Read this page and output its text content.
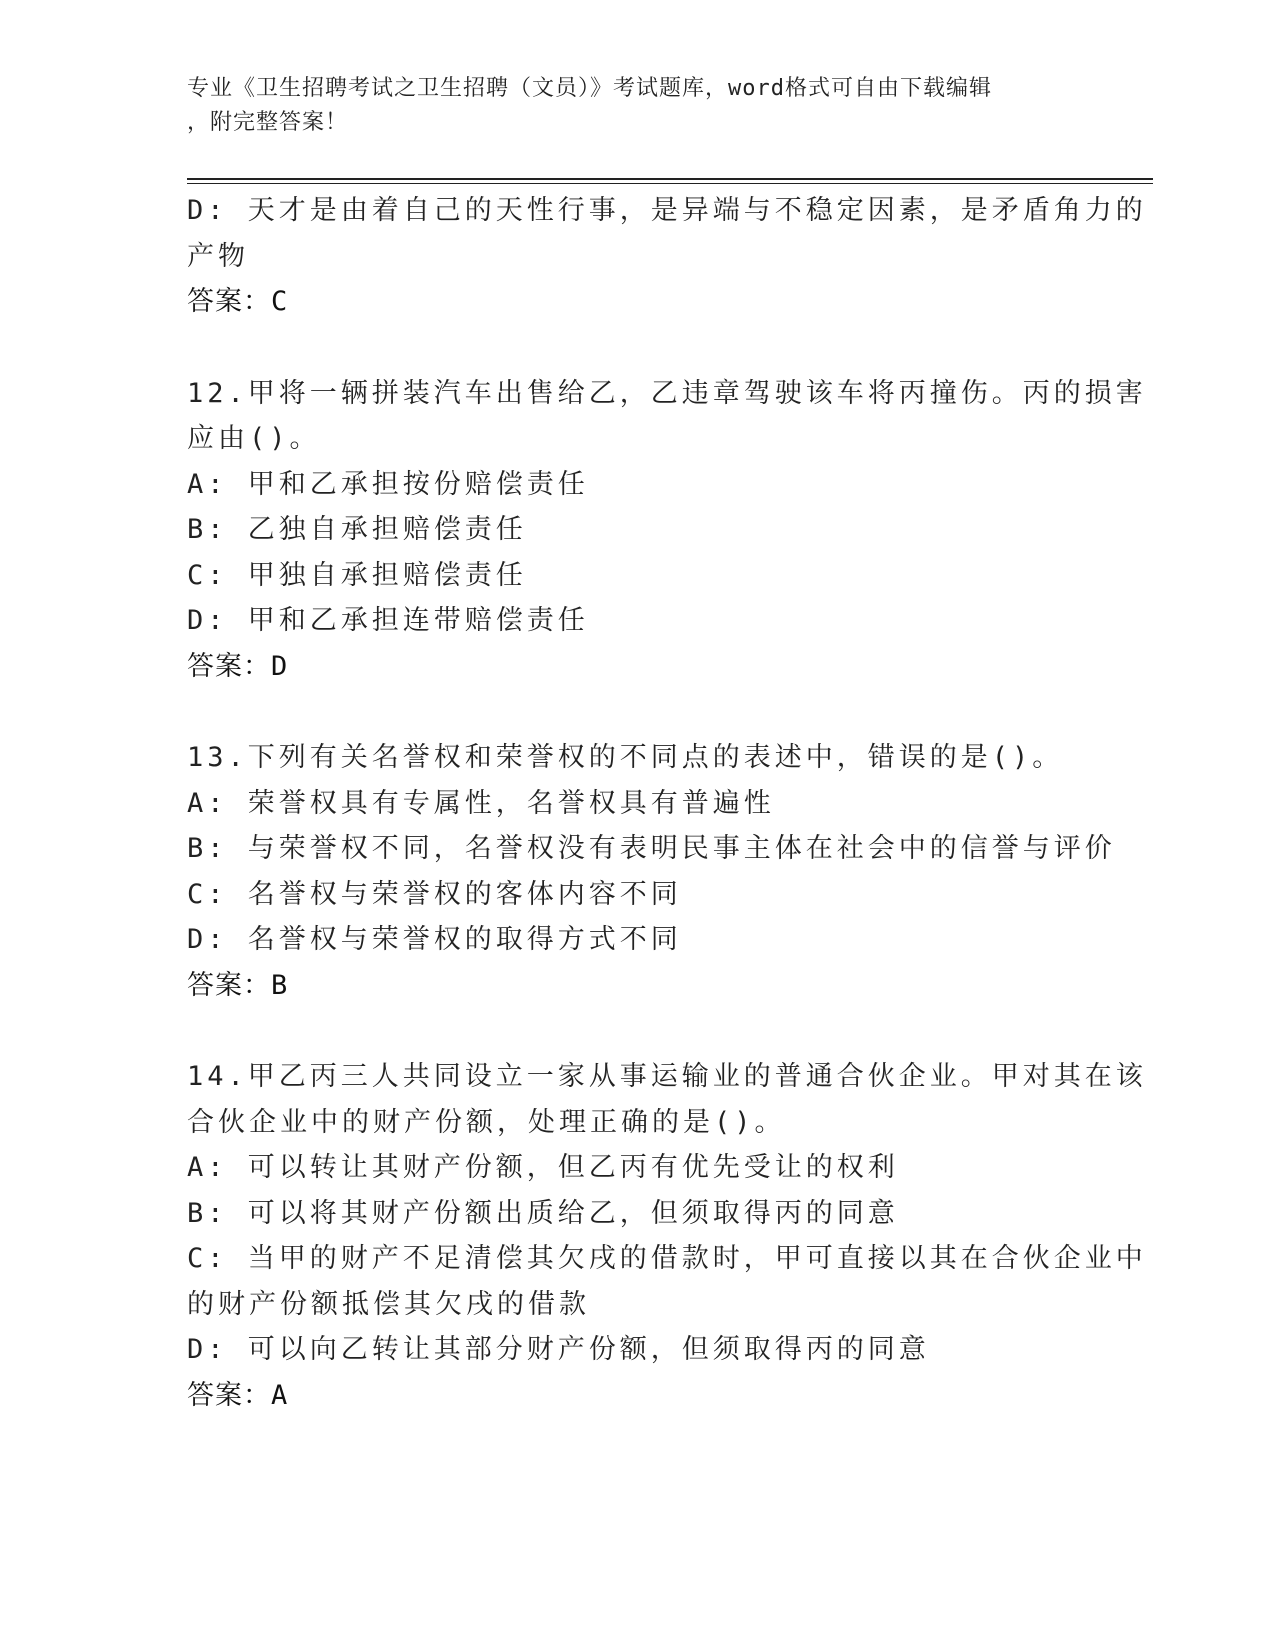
专业《卫生招聘考试之卫生招聘（文员）》考试题库，word格式可自由下载编辑
，附完整答案！
D: 天才是由着自己的天性行事，是异端与不稳定因素，是矛盾角力的
产物
答案：C
12.甲将一辆拼装汽车出售给乙，乙违章驾驶该车将丙撞伤。丙的损害
应由()。
A: 甲和乙承担按份赔偿责任
B: 乙独自承担赔偿责任
C: 甲独自承担赔偿责任
D: 甲和乙承担连带赔偿责任
答案：D
13.下列有关名誉权和荣誉权的不同点的表述中，错误的是()。
A: 荣誉权具有专属性，名誉权具有普遍性
B: 与荣誉权不同，名誉权没有表明民事主体在社会中的信誉与评价
C: 名誉权与荣誉权的客体内容不同
D: 名誉权与荣誉权的取得方式不同
答案：B
14.甲乙丙三人共同设立一家从事运输业的普通合伙企业。甲对其在该
合伙企业中的财产份额，处理正确的是()。
A: 可以转让其财产份额，但乙丙有优先受让的权利
B: 可以将其财产份额出质给乙，但须取得丙的同意
C: 当甲的财产不足清偿其欠戌的借款时，甲可直接以其在合伙企业中
的财产份额抵偿其欠戌的借款
D: 可以向乙转让其部分财产份额，但须取得丙的同意
答案：A
